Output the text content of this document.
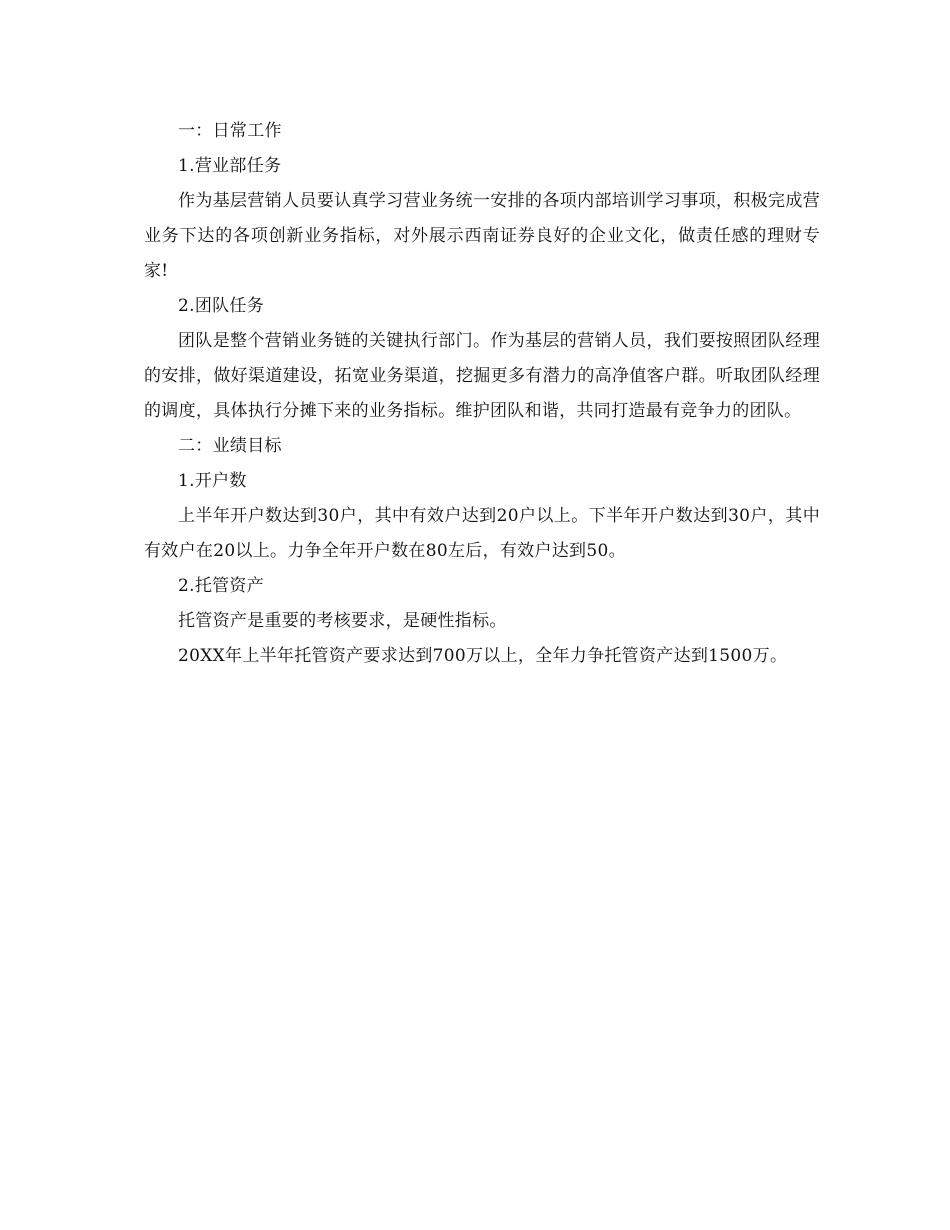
一：日常工作

1.营业部任务

作为基层营销人员要认真学习营业务统一安排的各项内部培训学习事项，积极完成营业务下达的各项创新业务指标，对外展示西南证券良好的企业文化，做责任感的理财专家!

2.团队任务

团队是整个营销业务链的关键执行部门。作为基层的营销人员，我们要按照团队经理的安排，做好渠道建设，拓宽业务渠道，挖掘更多有潜力的高净值客户群。听取团队经理的调度，具体执行分摊下来的业务指标。维护团队和谐，共同打造最有竞争力的团队。

二：业绩目标

1.开户数

上半年开户数达到30户，其中有效户达到20户以上。下半年开户数达到30户，其中有效户在20以上。力争全年开户数在80左后，有效户达到50。

2.托管资产

托管资产是重要的考核要求，是硬性指标。

20XX年上半年托管资产要求达到700万以上，全年力争托管资产达到1500万。
